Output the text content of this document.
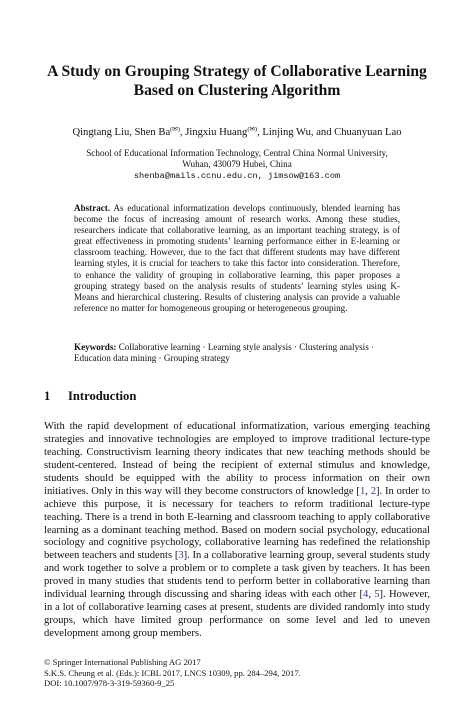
A Study on Grouping Strategy of Collaborative Learning
Based on Clustering Algorithm
Qingtang Liu, Shen Ba(✉), Jingxiu Huang(✉), Linjing Wu, and Chuanyuan Lao
School of Educational Information Technology, Central China Normal University,
Wuhan, 430079 Hubei, China
shenba@mails.ccnu.edu.cn, jimsow@163.com
Abstract. As educational informatization develops continuously, blended learning has become the focus of increasing amount of research works. Among these studies, researchers indicate that collaborative learning, as an important teaching strategy, is of great effectiveness in promoting students’ learning performance either in E-learning or classroom teaching. However, due to the fact that different students may have different learning styles, it is crucial for teachers to take this factor into consideration. Therefore, to enhance the validity of grouping in collaborative learning, this paper proposes a grouping strategy based on the analysis results of students’ learning styles using K-Means and hierarchical clustering. Results of clustering analysis can provide a valuable reference no matter for homogeneous grouping or heterogeneous grouping.
Keywords: Collaborative learning · Learning style analysis · Clustering analysis ·
Education data mining · Grouping strategy
1 Introduction
With the rapid development of educational informatization, various emerging teaching strategies and innovative technologies are employed to improve traditional lecture-type teaching. Constructivism learning theory indicates that new teaching methods should be student-centered. Instead of being the recipient of external stimulus and knowledge, students should be equipped with the ability to process information on their own initiatives. Only in this way will they become constructors of knowledge [1, 2]. In order to achieve this purpose, it is necessary for teachers to reform traditional lecture-type teaching. There is a trend in both E-learning and classroom teaching to apply collaborative learning as a dominant teaching method. Based on modern social psychology, educational sociology and cognitive psychology, collaborative learning has redefined the relationship between teachers and students [3]. In a collaborative learning group, several students study and work together to solve a problem or to complete a task given by teachers. It has been proved in many studies that students tend to perform better in collaborative learning than individual learning through discussing and sharing ideas with each other [4, 5]. However, in a lot of collaborative learning cases at present, students are divided randomly into study groups, which have limited group performance on some level and led to uneven development among group members.
© Springer International Publishing AG 2017
S.K.S. Cheung et al. (Eds.): ICBL 2017, LNCS 10309, pp. 284–294, 2017.
DOI: 10.1007/978-3-319-59360-9_25
